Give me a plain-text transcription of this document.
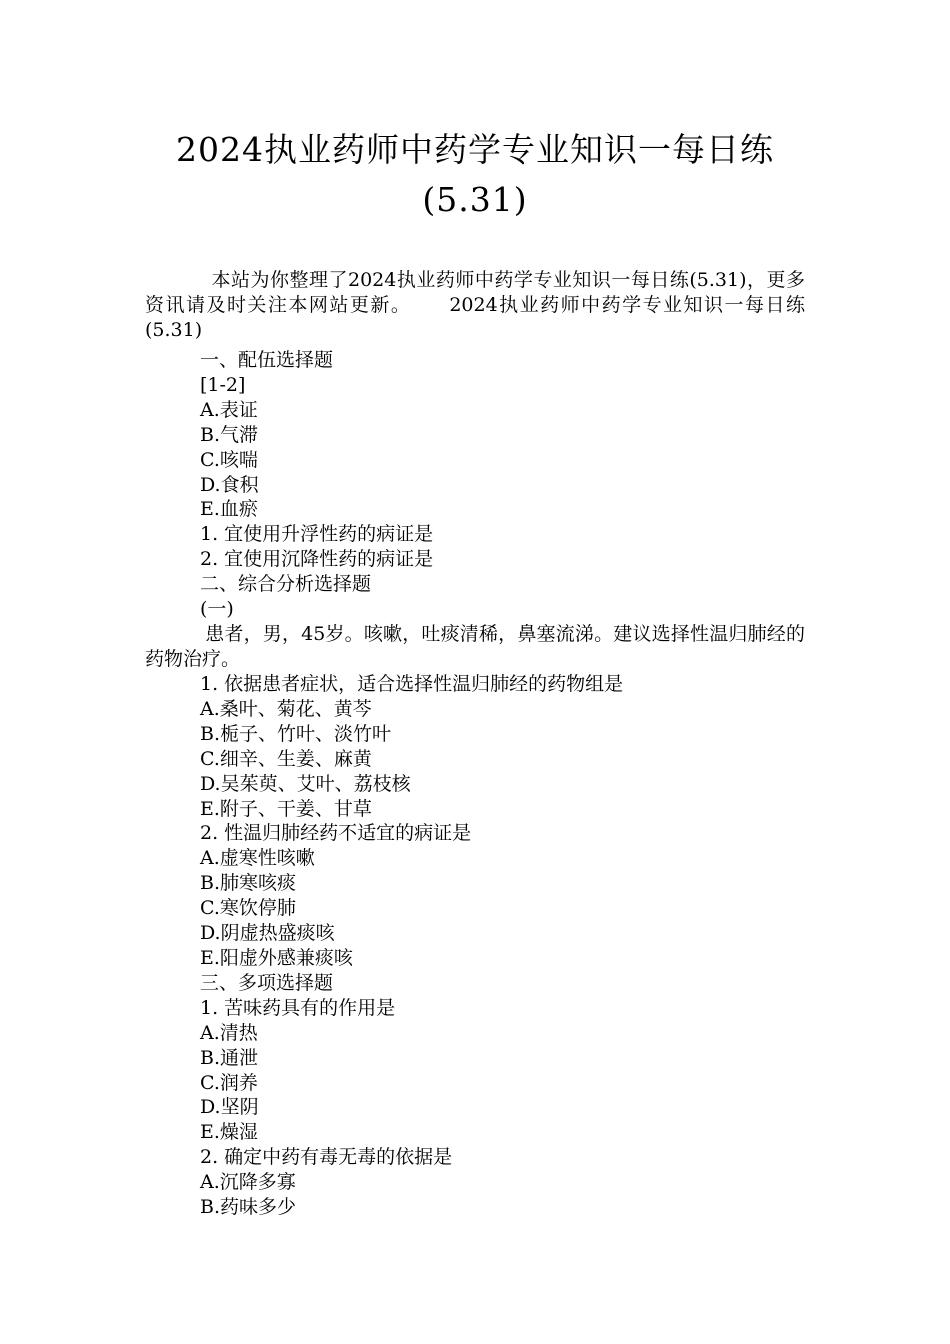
2024执业药师中药学专业知识一每日练
(5.31)
本站为你整理了2024执业药师中药学专业知识一每日练(5.31)，更多资讯请及时关注本网站更新。 2024执业药师中药学专业知识一每日练(5.31)
一、配伍选择题
[1-2]
A.表证
B.气滞
C.咳喘
D.食积
E.血瘀
1. 宜使用升浮性药的病证是
2. 宜使用沉降性药的病证是
二、综合分析选择题
(一)
患者，男，45岁。咳嗽，吐痰清稀，鼻塞流涕。建议选择性温归肺经的药物治疗。
1. 依据患者症状，适合选择性温归肺经的药物组是
A.桑叶、菊花、黄芩
B.栀子、竹叶、淡竹叶
C.细辛、生姜、麻黄
D.吴茱萸、艾叶、荔枝核
E.附子、干姜、甘草
2. 性温归肺经药不适宜的病证是
A.虚寒性咳嗽
B.肺寒咳痰
C.寒饮停肺
D.阴虚热盛痰咳
E.阳虚外感兼痰咳
三、多项选择题
1. 苦味药具有的作用是
A.清热
B.通泄
C.润养
D.坚阴
E.燥湿
2. 确定中药有毒无毒的依据是
A.沉降多寡
B.药味多少
